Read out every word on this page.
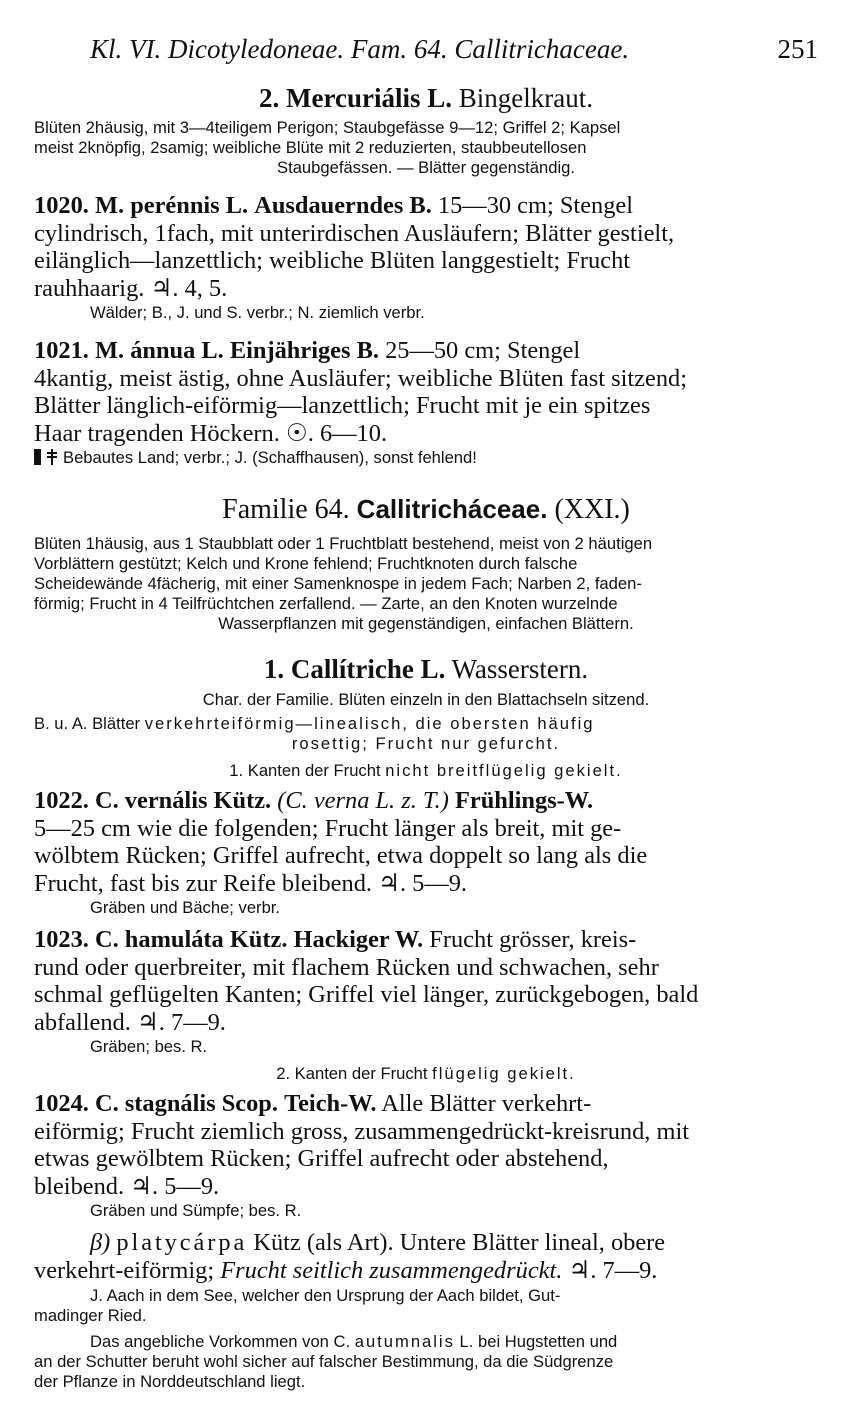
Kl. VI. Dicotyledoneae. Fam. 64. Callitrichaceae.	251
2. Mercuriális L. Bingelkraut.
Blüten 2häusig, mit 3—4teiligem Perigon; Staubgefässe 9—12; Griffel 2; Kapsel
meist 2knöpfig, 2samig; weibliche Blüte mit 2 reduzierten, staubbeutellosen
Staubgefässen. — Blätter gegenständig.
1020. M. perénnis L. Ausdauerndes B. 15—30 cm; Stengel
cylindrisch, 1fach, mit unterirdischen Ausläufern; Blätter gestielt,
eilänglich—lanzettlich; weibliche Blüten langgestielt; Frucht
rauhhaarig. ♃. 4, 5.
Wälder; B., J. und S. verbr.; N. ziemlich verbr.
1021. M. ánnua L. Einjähriges B. 25—50 cm; Stengel
4kantig, meist ästig, ohne Ausläufer; weibliche Blüten fast sitzend;
Blätter länglich-eiförmig—lanzettlich; Frucht mit je ein spitzes
Haar tragenden Höckern. ☉. 6—10.
Bebautes Land; verbr.; J. (Schaffhausen), sonst fehlend!
Familie 64. Callitricháceae. (XXI.)
Blüten 1häusig, aus 1 Staubblatt oder 1 Fruchtblatt bestehend, meist von 2 häutigen
Vorblättern gestützt; Kelch und Krone fehlend; Fruchtknoten durch falsche
Scheidewände 4fächerig, mit einer Samenknospe in jedem Fach; Narben 2, faden-
förmig; Frucht in 4 Teilfrüchtchen zerfallend. — Zarte, an den Knoten wurzelnde
Wasserpflanzen mit gegenständigen, einfachen Blättern.
1. Callítriche L. Wasserstern.
Char. der Familie. Blüten einzeln in den Blattachseln sitzend.
B. u. A. Blätter verkehrteiförmig—linealisch, die obersten häufig
rosettig; Frucht nur gefurcht.
1. Kanten der Frucht nicht breitflügelig gekielt.
1022. C. vernális Kütz. (C. verna L. z. T.) Frühlings-W.
5—25 cm wie die folgenden; Frucht länger als breit, mit ge-
wölbtem Rücken; Griffel aufrecht, etwa doppelt so lang als die
Frucht, fast bis zur Reife bleibend. ♃. 5—9.
Gräben und Bäche; verbr.
1023. C. hamuláta Kütz. Hackiger W. Frucht grösser, kreis-
rund oder querbreiter, mit flachem Rücken und schwachen, sehr
schmal geflügelten Kanten; Griffel viel länger, zurückgebogen, bald
abfallend. ♃. 7—9.
Gräben; bes. R.
2. Kanten der Frucht flügelig gekielt.
1024. C. stagnális Scop. Teich-W. Alle Blätter verkehrt-
eiförmig; Frucht ziemlich gross, zusammengedrückt-kreisrund, mit
etwas gewölbtem Rücken; Griffel aufrecht oder abstehend,
bleibend. ♃. 5—9.
Gräben und Sümpfe; bes. R.
β) platycárpa Kütz (als Art). Untere Blätter lineal, obere
verkehrt-eiförmig; Frucht seitlich zusammengedrückt. ♃. 7—9.
J. Aach in dem See, welcher den Ursprung der Aach bildet, Gut-
madinger Ried.
Das angebliche Vorkommen von C. autumnalis L. bei Hugstetten und
an der Schutter beruht wohl sicher auf falscher Bestimmung, da die Südgrenze
der Pflanze in Norddeutschland liegt.
